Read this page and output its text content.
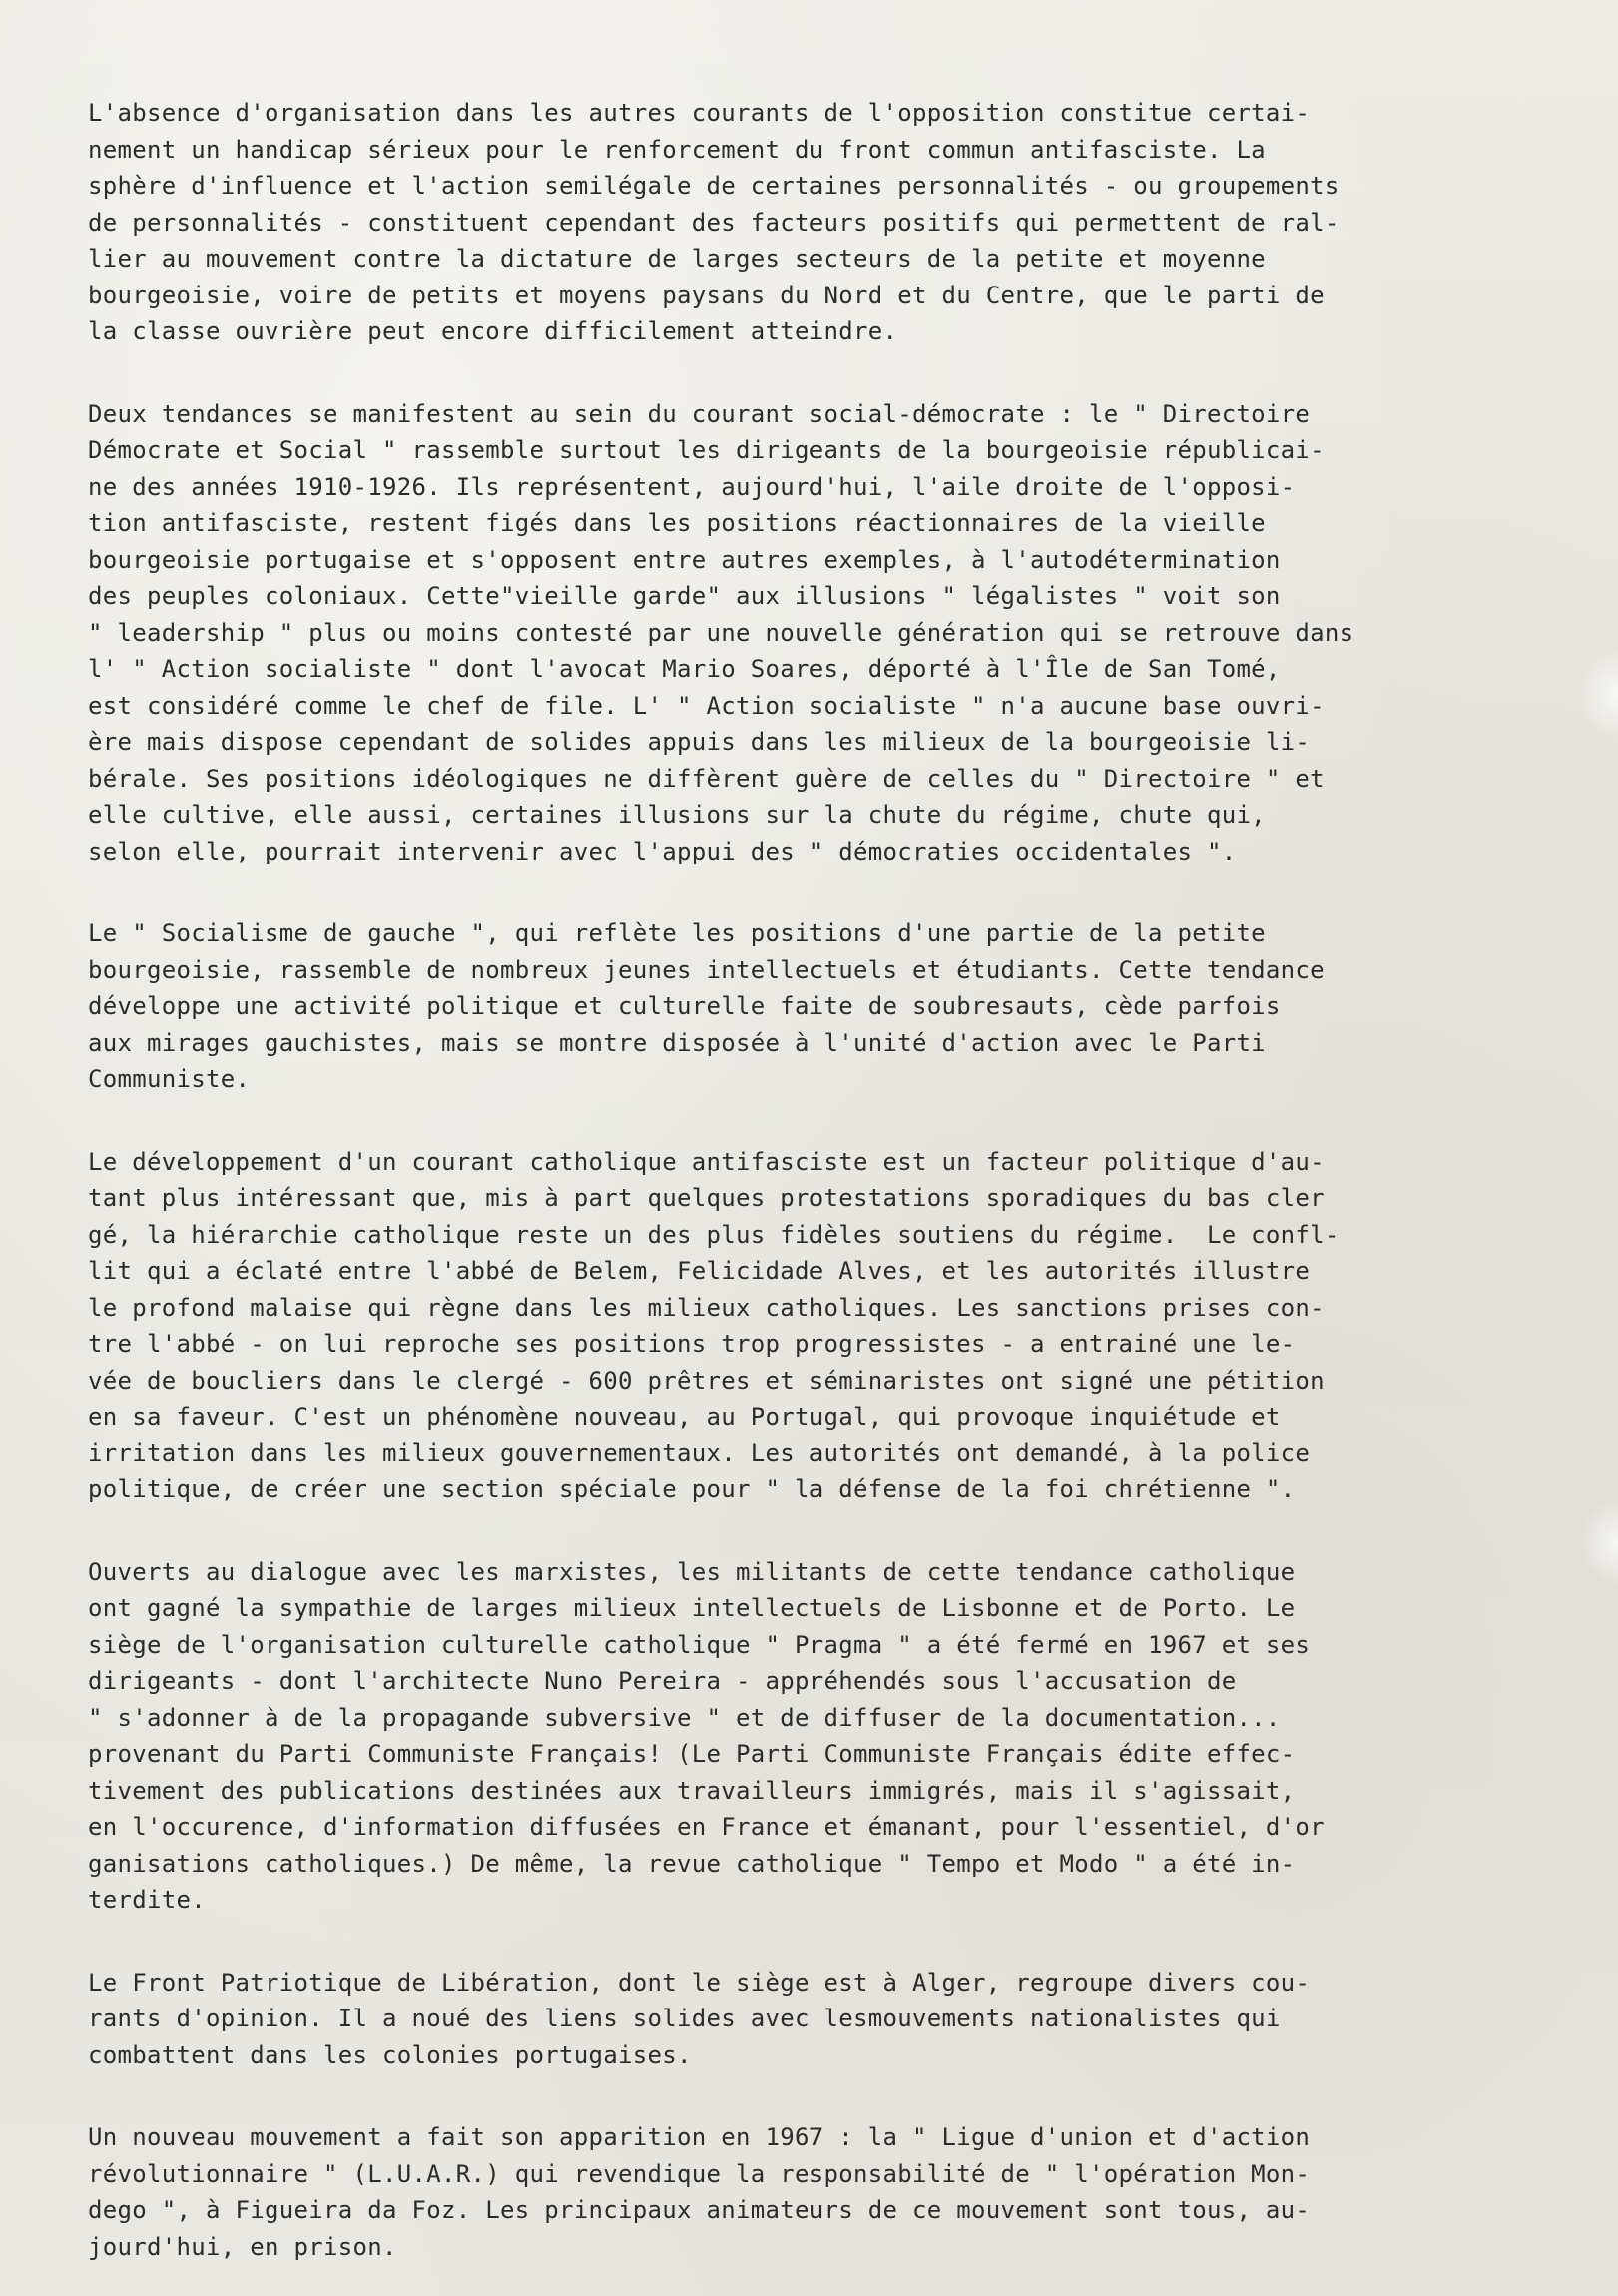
L'absence d'organisation dans les autres courants de l'opposition constitue certai-
nement un handicap sérieux pour le renforcement du front commun antifasciste. La
sphère d'influence et l'action semilégale de certaines personnalités - ou groupements
de personnalités - constituent cependant des facteurs positifs qui permettent de ral-
lier au mouvement contre la dictature de larges secteurs de la petite et moyenne
bourgeoisie, voire de petits et moyens paysans du Nord et du Centre, que le parti de
la classe ouvrière peut encore difficilement atteindre.
Deux tendances se manifestent au sein du courant social-démocrate : le " Directoire
Démocrate et Social " rassemble surtout les dirigeants de la bourgeoisie républicai-
ne des années 1910-1926. Ils représentent, aujourd'hui, l'aile droite de l'opposi-
tion antifasciste, restent figés dans les positions réactionnaires de la vieille
bourgeoisie portugaise et s'opposent entre autres exemples, à l'autodétermination
des peuples coloniaux. Cette"vieille garde" aux illusions " légalistes " voit son
" leadership " plus ou moins contesté par une nouvelle génération qui se retrouve dans
l' " Action socialiste " dont l'avocat Mario Soares, déporté à l'Île de San Tomé,
est considéré comme le chef de file. L' " Action socialiste " n'a aucune base ouvri-
ère mais dispose cependant de solides appuis dans les milieux de la bourgeoisie li-
bérale. Ses positions idéologiques ne diffèrent guère de celles du " Directoire " et
elle cultive, elle aussi, certaines illusions sur la chute du régime, chute qui,
selon elle, pourrait intervenir avec l'appui des " démocraties occidentales ".
Le " Socialisme de gauche ", qui reflète les positions d'une partie de la petite
bourgeoisie, rassemble de nombreux jeunes intellectuels et étudiants. Cette tendance
développe une activité politique et culturelle faite de soubresauts, cède parfois
aux mirages gauchistes, mais se montre disposée à l'unité d'action avec le Parti
Communiste.
Le développement d'un courant catholique antifasciste est un facteur politique d'au-
tant plus intéressant que, mis à part quelques protestations sporadiques du bas cler
gé, la hiérarchie catholique reste un des plus fidèles soutiens du régime.  Le confl-
lit qui a éclaté entre l'abbé de Belem, Felicidade Alves, et les autorités illustre
le profond malaise qui règne dans les milieux catholiques. Les sanctions prises con-
tre l'abbé - on lui reproche ses positions trop progressistes - a entrainé une le-
vée de boucliers dans le clergé - 600 prêtres et séminaristes ont signé une pétition
en sa faveur. C'est un phénomène nouveau, au Portugal, qui provoque inquiétude et
irritation dans les milieux gouvernementaux. Les autorités ont demandé, à la police
politique, de créer une section spéciale pour " la défense de la foi chrétienne ".
Ouverts au dialogue avec les marxistes, les militants de cette tendance catholique
ont gagné la sympathie de larges milieux intellectuels de Lisbonne et de Porto. Le
siège de l'organisation culturelle catholique " Pragma " a été fermé en 1967 et ses
dirigeants - dont l'architecte Nuno Pereira - appréhendés sous l'accusation de
" s'adonner à de la propagande subversive " et de diffuser de la documentation...
provenant du Parti Communiste Français! (Le Parti Communiste Français édite effec-
tivement des publications destinées aux travailleurs immigrés, mais il s'agissait,
en l'occurence, d'information diffusées en France et émanant, pour l'essentiel, d'or
ganisations catholiques.) De même, la revue catholique " Tempo et Modo " a été in-
terdite.
Le Front Patriotique de Libération, dont le siège est à Alger, regroupe divers cou-
rants d'opinion. Il a noué des liens solides avec lesmouvements nationalistes qui
combattent dans les colonies portugaises.
Un nouveau mouvement a fait son apparition en 1967 : la " Ligue d'union et d'action
révolutionnaire " (L.U.A.R.) qui revendique la responsabilité de " l'opération Mon-
dego ", à Figueira da Foz. Les principaux animateurs de ce mouvement sont tous, au-
jourd'hui, en prison.
